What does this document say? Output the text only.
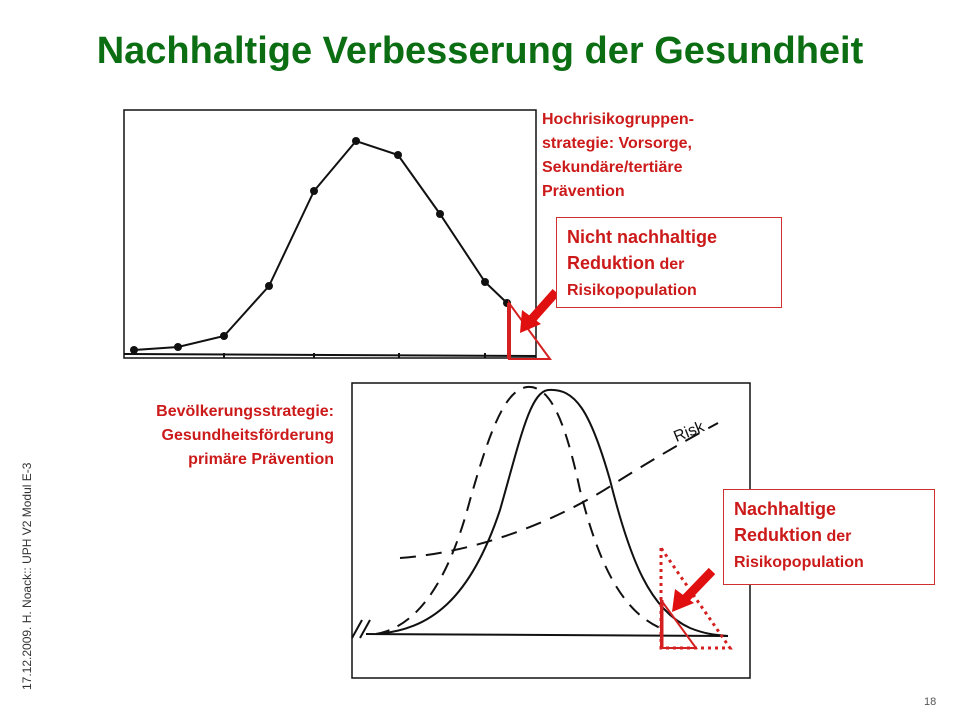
Nachhaltige Verbesserung der Gesundheit
17.12.2009. H. Noack:: UPH V2 Modul E-3
Risk
Hochrisikogruppen-
strategie: Vorsorge,
Sekundäre/tertiäre
Prävention
Nicht nachhaltige
Reduktion der
Risikopopulation
Bevölkerungsstrategie:
Gesundheitsförderung
primäre Prävention
Nachhaltige
Reduktion der
Risikopopulation
18
